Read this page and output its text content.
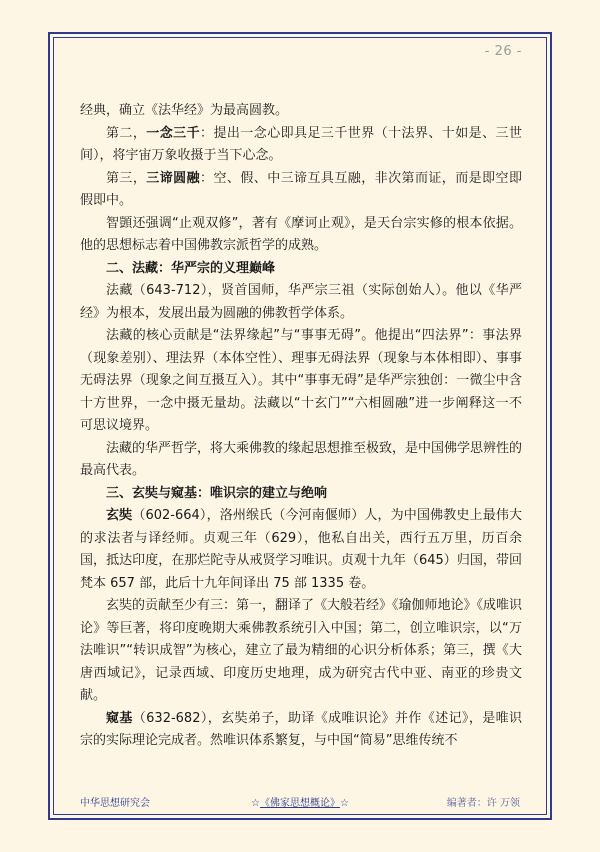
- 26 -

经典，确立《法华经》为最高圆教。

第二，一念三千：提出一念心即具足三千世界（十法界、十如是、三世间），将宇宙万象收摄于当下心念。

第三，三谛圆融：空、假、中三谛互具互融，非次第而证，而是即空即假即中。

智顗还强调“止观双修”，著有《摩诃止观》，是天台宗实修的根本依据。他的思想标志着中国佛教宗派哲学的成熟。

二、法藏：华严宗的义理巅峰

法藏（643-712），贤首国师，华严宗三祖（实际创始人）。他以《华严经》为根本，发展出最为圆融的佛教哲学体系。

法藏的核心贡献是“法界缘起”与“事事无碍”。他提出“四法界”：事法界（现象差别）、理法界（本体空性）、理事无碍法界（现象与本体相即）、事事无碍法界（现象之间互摄互入）。其中“事事无碍”是华严宗独创：一微尘中含十方世界，一念中摄无量劫。法藏以“十玄门”“六相圆融”进一步阐释这一不可思议境界。

法藏的华严哲学，将大乘佛教的缘起思想推至极致，是中国佛学思辨性的最高代表。

三、玄奘与窥基：唯识宗的建立与绝响

玄奘（602-664），洛州缑氏（今河南偃师）人，为中国佛教史上最伟大的求法者与译经师。贞观三年（629），他私自出关，西行五万里，历百余国，抵达印度，在那烂陀寺从戒贤学习唯识。贞观十九年（645）归国，带回梵本 657 部，此后十九年间译出 75 部 1335 卷。

玄奘的贡献至少有三：第一，翻译了《大般若经》《瑜伽师地论》《成唯识论》等巨著，将印度晚期大乘佛教系统引入中国；第二，创立唯识宗，以“万法唯识”“转识成智”为核心，建立了最为精细的心识分析体系；第三，撰《大唐西域记》，记录西域、印度历史地理，成为研究古代中亚、南亚的珍贵文献。

窥基（632-682），玄奘弟子，助译《成唯识论》并作《述记》，是唯识宗的实际理论完成者。然唯识体系繁复，与中国“简易”思维传统不

中华思想研究会	☆《佛家思想概论》☆	编著者：许 万领
